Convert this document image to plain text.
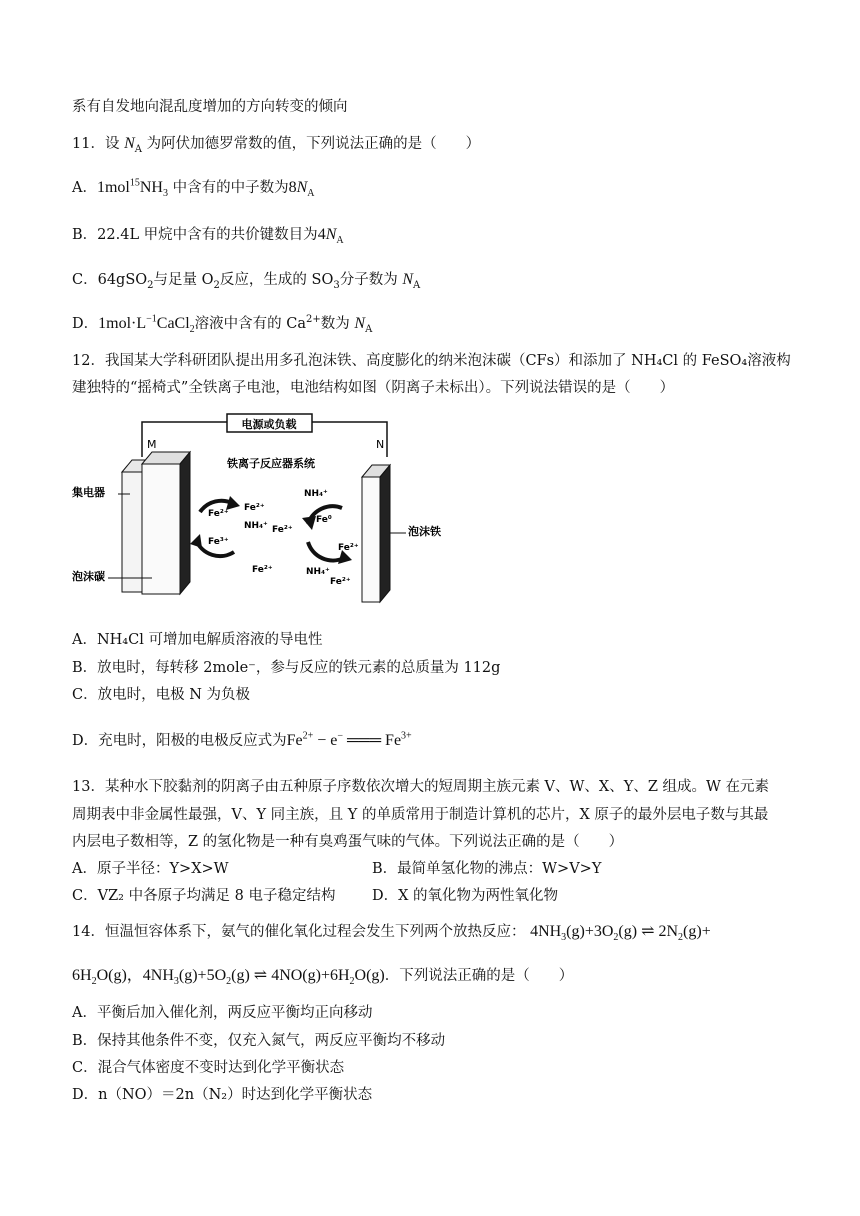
系有自发地向混乱度增加的方向转变的倾向
11．设 $N_A$ 为阿伏加德罗常数的值，下列说法正确的是（　　）
A．$1mol^{15}NH_3$ 中含有的中子数为$8N_A$
B．22.4L 甲烷中含有的共价键数目为$4N_A$
C．64gSO$_2$与足量 $O_2$反应，生成的 $SO_3$分子数为 $N_A$
D．$1mol\cdot L^{-1}CaCl_2$溶液中含有的 $Ca^{2+}$数为 $N_A$
12．我国某大学科研团队提出用多孔泡沫铁、高度膨化的纳米泡沫碳（CFs）和添加了 NH₄Cl 的 FeSO₄溶液构
建独特的“摇椅式”全铁离子电池，电池结构如图（阴离子未标出）。下列说法错误的是（　　）
电源或负载
M	N
铁离子反应器系统
集电器
泡沫碳
泡沫铁
Fe²⁺
Fe³⁺
Fe²⁺
NH₄⁺ Fe²⁺
Fe²⁺
NH₄⁺
Fe⁰
Fe²⁺
NH₄⁺
Fe²⁺
A．NH₄Cl 可增加电解质溶液的导电性
B．放电时，每转移 2mole⁻，参与反应的铁元素的总质量为 112g
C．放电时，电极 N 为负极
D．充电时，阳极的电极反应式为$Fe^{2+} - e^-$ ═══ $Fe^{3+}$
13．某种水下胶黏剂的阴离子由五种原子序数依次增大的短周期主族元素 V、W、X、Y、Z 组成。W 在元素
周期表中非金属性最强，V、Y 同主族，且 Y 的单质常用于制造计算机的芯片，X 原子的最外层电子数与其最
内层电子数相等，Z 的氢化物是一种有臭鸡蛋气味的气体。下列说法正确的是（　　）
A．原子半径：Y>X>W	B．最简单氢化物的沸点：W>V>Y
C．VZ₂ 中各原子均满足 8 电子稳定结构	D．X 的氧化物为两性氧化物
14．恒温恒容体系下，氨气的催化氧化过程会发生下列两个放热反应： $4NH_3(g)+3O_2(g)$ ⇌ $2N_2(g)+$
$6H_2O(g)$，$4NH_3(g)+5O_2(g)$ ⇌ $4NO(g)+6H_2O(g)$．下列说法正确的是（　　）
A．平衡后加入催化剂，两反应平衡均正向移动
B．保持其他条件不变，仅充入氮气，两反应平衡均不移动
C．混合气体密度不变时达到化学平衡状态
D．n（NO）＝2n（N₂）时达到化学平衡状态
